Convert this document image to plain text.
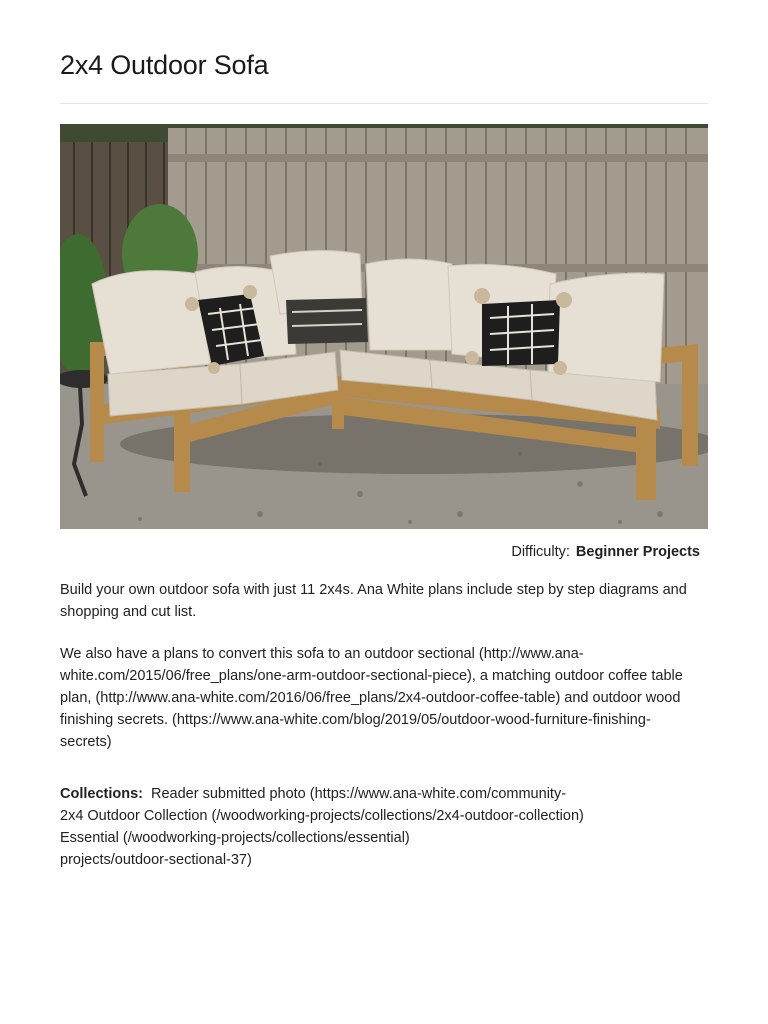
2x4 Outdoor Sofa
Difficulty: Beginner Projects

Build your own outdoor sofa with just 11 2x4s. Ana White plans include step by step diagrams and shopping and cut list.

We also have a plans to convert this sofa to an outdoor sectional (http://www.ana-white.com/2015/06/free_plans/one-arm-outdoor-sectional-piece), a matching outdoor coffee table plan, (http://www.ana-white.com/2016/06/free_plans/2x4-outdoor-coffee-table) and outdoor wood finishing secrets. (https://www.ana-white.com/blog/2019/05/outdoor-wood-furniture-finishing-secrets)

Collections: Reader submitted photo (https://www.ana-white.com/community-
2x4 Outdoor Collection (/woodworking-projects/collections/2x4-outdoor-collection)
Essential (/woodworking-projects/collections/essential)
projects/outdoor-sectional-37)
